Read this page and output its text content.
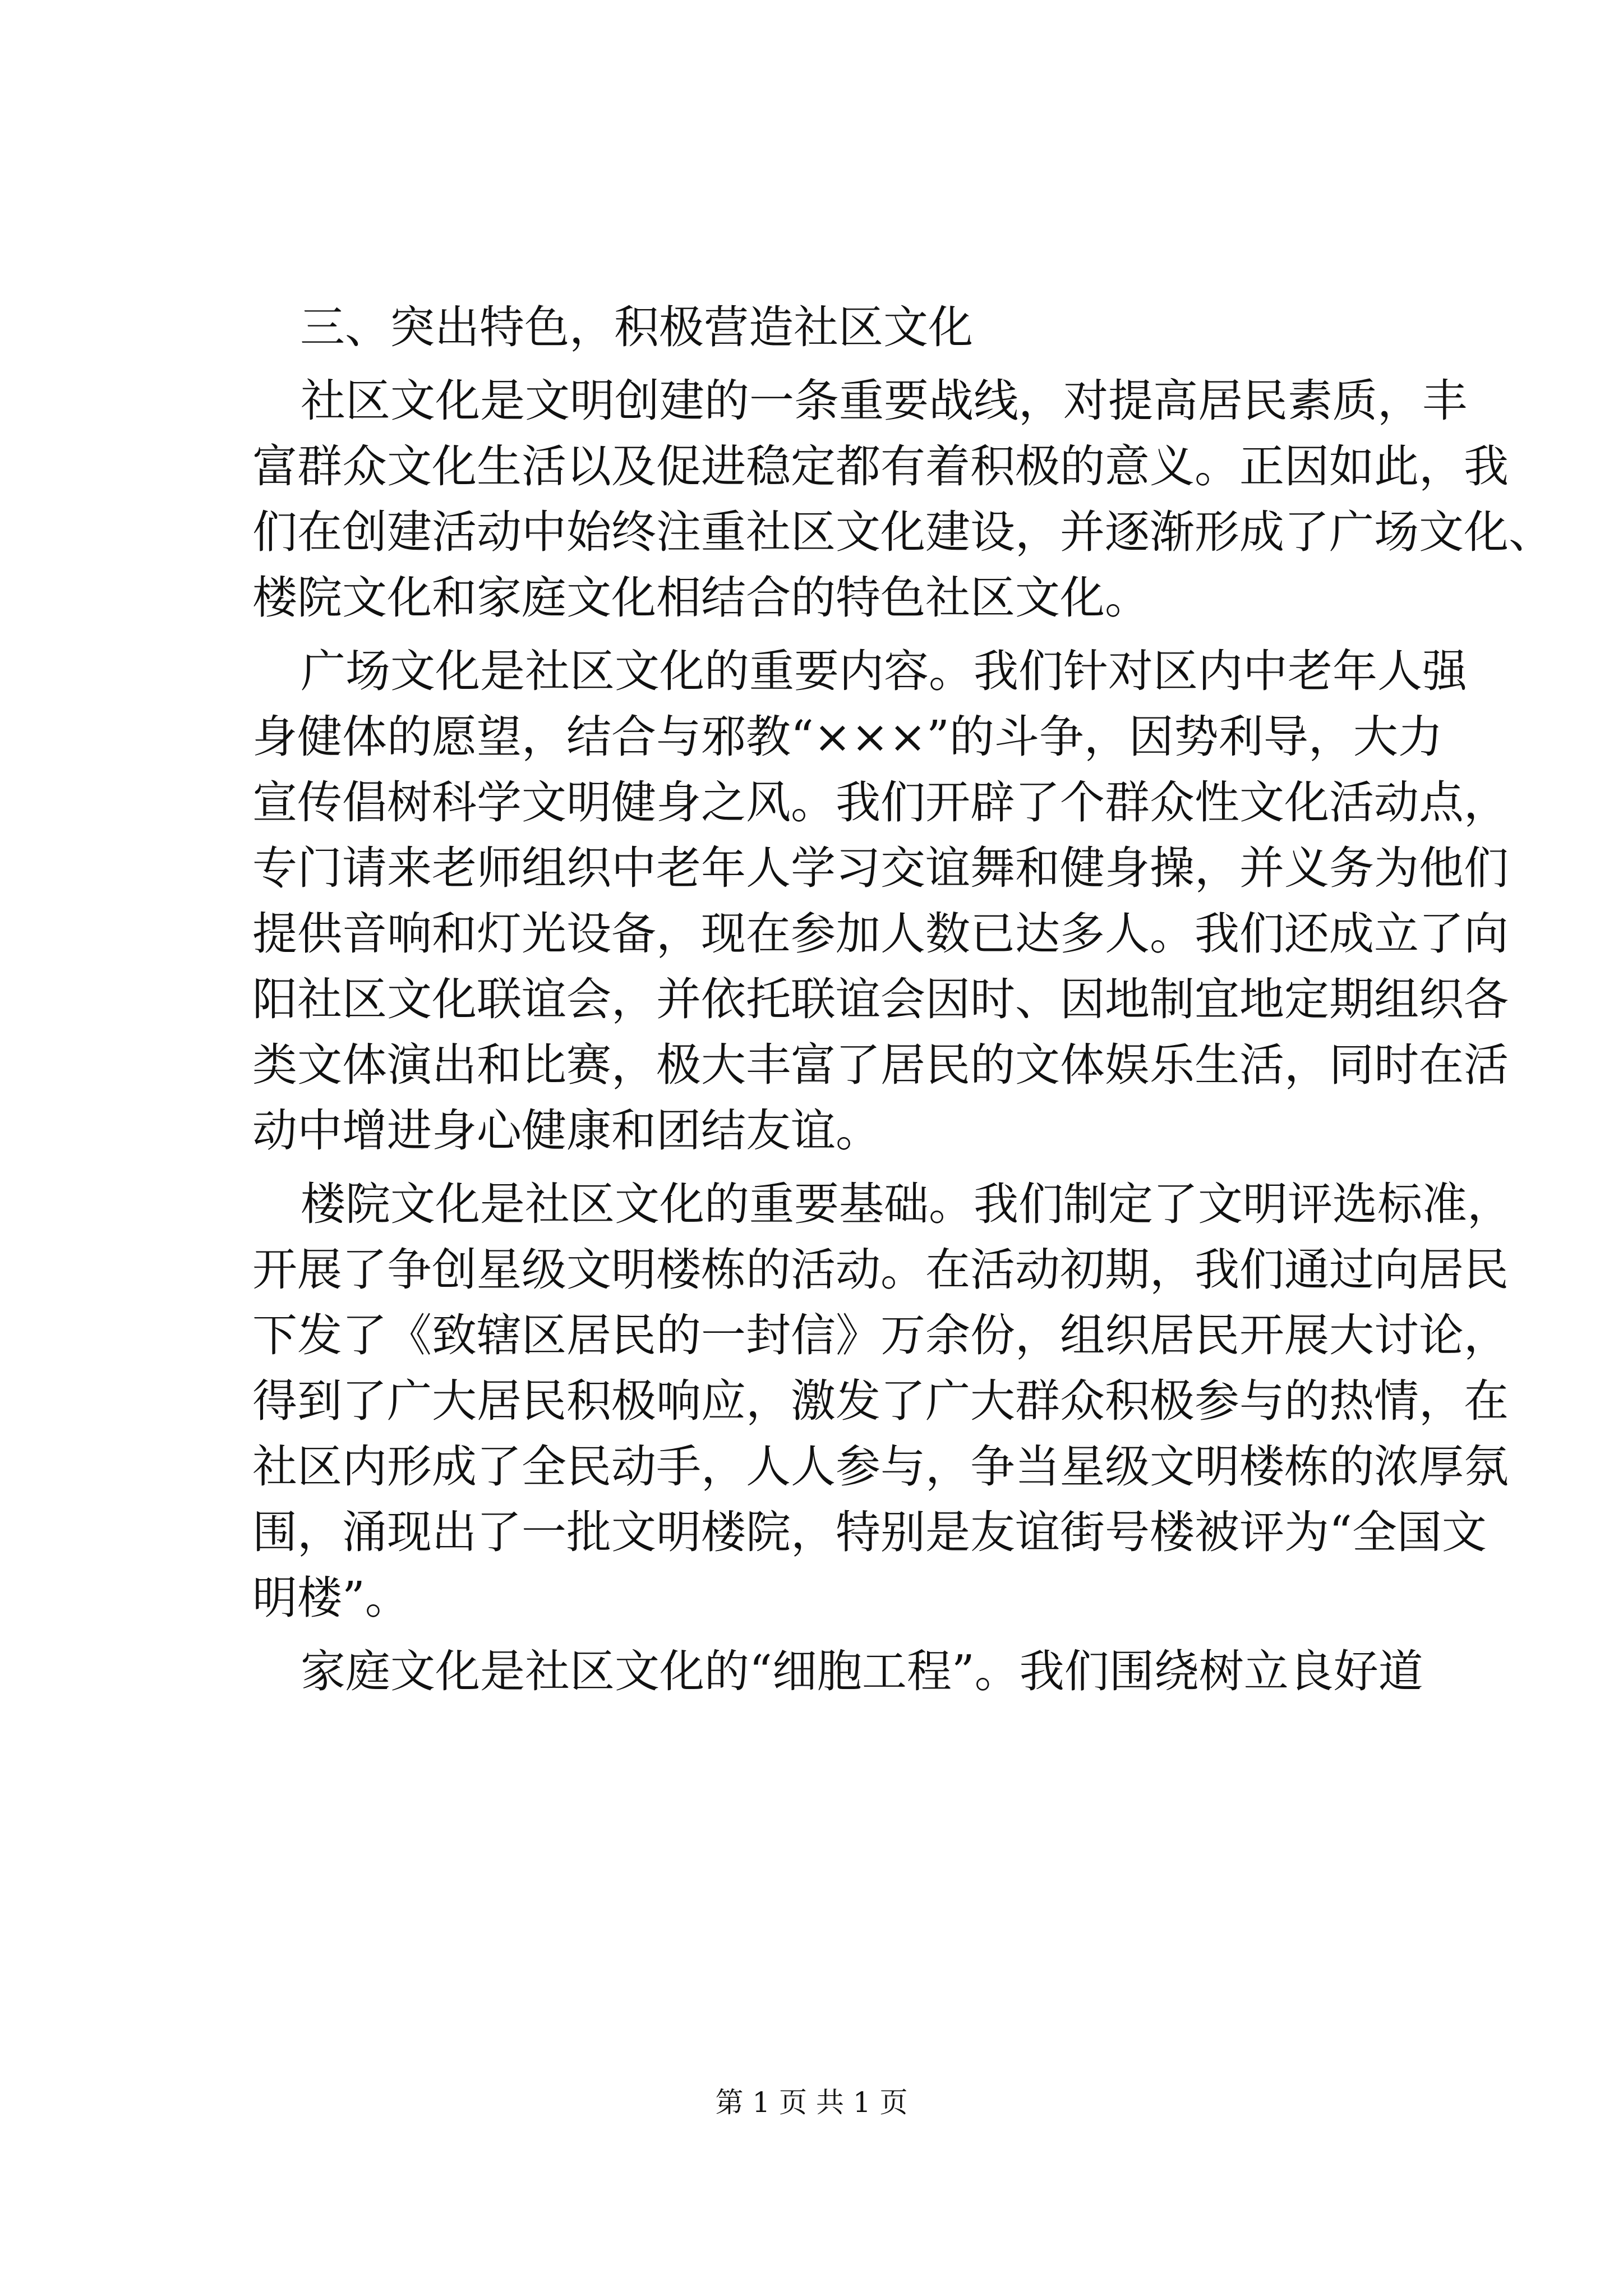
三、突出特色，积极营造社区文化

社区文化是文明创建的一条重要战线，对提高居民素质，丰

富群众文化生活以及促进稳定都有着积极的意义。正因如此，我

们在创建活动中始终注重社区文化建设，并逐渐形成了广场文化、

楼院文化和家庭文化相结合的特色社区文化。

广场文化是社区文化的重要内容。我们针对区内中老年人强

身健体的愿望，结合与邪教“×××”的斗争，因势利导，大力

宣传倡树科学文明健身之风。我们开辟了个群众性文化活动点，

专门请来老师组织中老年人学习交谊舞和健身操，并义务为他们

提供音响和灯光设备，现在参加人数已达多人。我们还成立了向

阳社区文化联谊会，并依托联谊会因时、因地制宜地定期组织各

类文体演出和比赛，极大丰富了居民的文体娱乐生活，同时在活

动中增进身心健康和团结友谊。

楼院文化是社区文化的重要基础。我们制定了文明评选标准，

开展了争创星级文明楼栋的活动。在活动初期，我们通过向居民

下发了《致辖区居民的一封信》万余份，组织居民开展大讨论，

得到了广大居民积极响应，激发了广大群众积极参与的热情，在

社区内形成了全民动手，人人参与，争当星级文明楼栋的浓厚氛

围，涌现出了一批文明楼院，特别是友谊街号楼被评为“全国文

明楼”。

家庭文化是社区文化的“细胞工程”。我们围绕树立良好道

第 1 页 共 1 页
